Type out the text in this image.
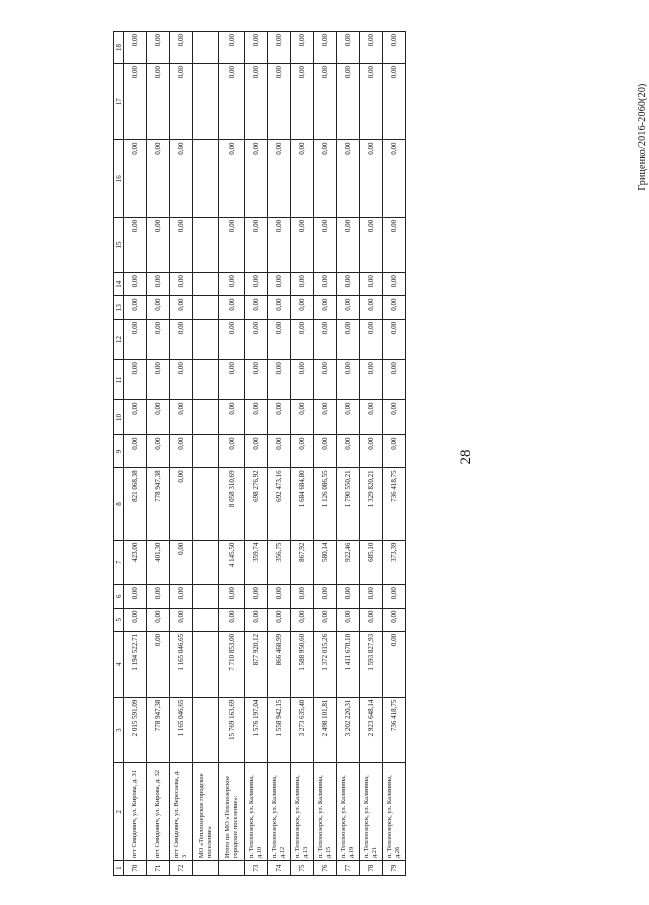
28
Гриценко/2016-2060(20)
1	2	3	4	5	6	7	8	9	10	11	12	13	14	15	16	17	18
70	пгт Смидович, ул. Кирова, д. 31	2 015 591,09	1 194 522,71	0,00	0,00	423,00	821 068,38	0,00	0,00	0,00	0,00	0,00	0,00	0,00	0,00	0,00	0,00
71	пгт Смидович, ул. Кирова, д. 32	778 947,38	0,00	0,00	0,00	401,30	778 947,38	0,00	0,00	0,00	0,00	0,00	0,00	0,00	0,00	0,00	0,00
72	пгт Смидович, ул. Вересаева, д. 3	1 165 046,65	1 165 046,65	0,00	0,00	0,00	0,00	0,00	0,00	0,00	0,00	0,00	0,00	0,00	0,00	0,00	0,00
	МО «Теплоозерское городское поселение»																
	Итого по МО «Теплоозерское городское поселение»:	15 769 163,69	7 710 853,00	0,00	0,00	4 145,50	8 058 310,69	0,00	0,00	0,00	0,00	0,00	0,00	0,00	0,00	0,00	0,00
73	п. Теплоозерск, ул. Калинина, д.10	1 576 197,04	877 920,12	0,00	0,00	359,74	698 276,92	0,00	0,00	0,00	0,00	0,00	0,00	0,00	0,00	0,00	0,00
74	п. Теплоозерск, ул. Калинина, д.12	1 558 942,15	866 468,99	0,00	0,00	356,75	692 473,16	0,00	0,00	0,00	0,00	0,00	0,00	0,00	0,00	0,00	0,00
75	п. Теплоозерск, ул. Калинина, д.13	3 273 635,40	1 588 950,60	0,00	0,00	867,92	1 684 684,80	0,00	0,00	0,00	0,00	0,00	0,00	0,00	0,00	0,00	0,00
76	п. Теплоозерск, ул. Калинина, д.15	2 498 101,81	1 372 015,26	0,00	0,00	580,14	1 126 086,55	0,00	0,00	0,00	0,00	0,00	0,00	0,00	0,00	0,00	0,00
77	п. Теплоозерск, ул. Калинина, д.19	3 202 220,31	1 411 670,10	0,00	0,00	922,46	1 790 550,21	0,00	0,00	0,00	0,00	0,00	0,00	0,00	0,00	0,00	0,00
78	п. Теплоозерск, ул. Калинина, д.21	2 923 648,14	1 593 827,93	0,00	0,00	685,10	1 329 820,21	0,00	0,00	0,00	0,00	0,00	0,00	0,00	0,00	0,00	0,00
79	п. Теплоозерск, ул. Калинина, д.26	736 418,75	0,00	0,00	0,00	373,39	736 418,75	0,00	0,00	0,00	0,00	0,00	0,00	0,00	0,00	0,00	0,00
